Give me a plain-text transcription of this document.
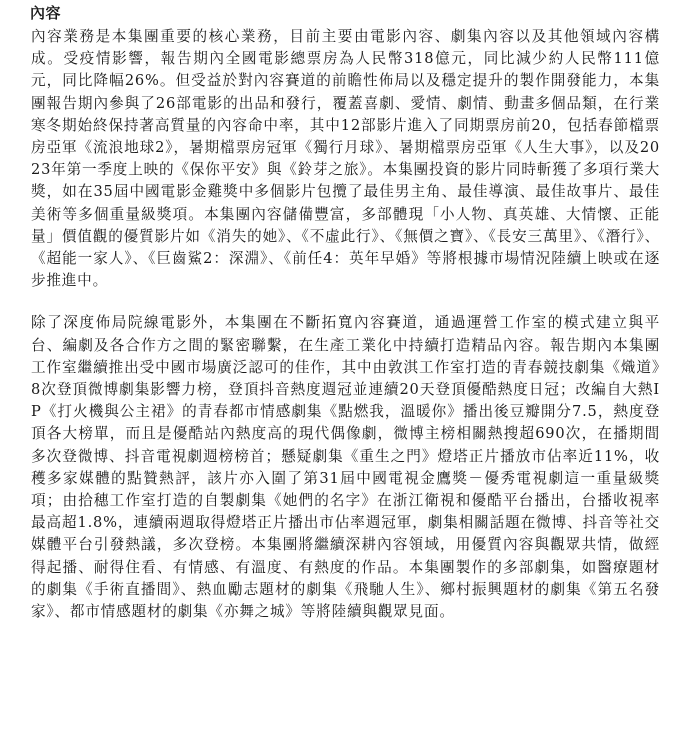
內容

內容業務是本集團重要的核心業務，目前主要由電影內容、劇集內容以及其他領域內容構成。受疫情影響，報告期內全國電影總票房為人民幣318億元，同比減少約人民幣111億元，同比降幅26%。但受益於對內容賽道的前瞻性佈局以及穩定提升的製作開發能力，本集團報告期內參與了26部電影的出品和發行，覆蓋喜劇、愛情、劇情、動畫多個品類，在行業寒冬期始終保持著高質量的內容命中率，其中12部影片進入了同期票房前20，包括春節檔票房亞軍《流浪地球2》，暑期檔票房冠軍《獨行月球》、暑期檔票房亞軍《人生大事》，以及2023年第一季度上映的《保你平安》與《鈴芽之旅》。本集團投資的影片同時斬獲了多項行業大獎，如在35屆中國電影金雞獎中多個影片包攬了最佳男主角、最佳導演、最佳故事片、最佳美術等多個重量級獎項。本集團內容儲備豐富，多部體現「小人物、真英雄、大情懷、正能量」價值觀的優質影片如《消失的她》、《不虛此行》、《無價之寶》、《長安三萬里》、《潛行》、《超能一家人》、《巨齒鯊2：深淵》、《前任4：英年早婚》等將根據市場情況陸續上映或在逐步推進中。

除了深度佈局院線電影外，本集團在不斷拓寬內容賽道，通過運營工作室的模式建立與平台、編劇及各合作方之間的緊密聯繫，在生產工業化中持續打造精品內容。報告期內本集團工作室繼續推出受中國市場廣泛認可的佳作，其中由敦淇工作室打造的青春競技劇集《熾道》8次登頂微博劇集影響力榜，登頂抖音熱度週冠並連續20天登頂優酷熱度日冠；改編自大熱IP《打火機與公主裙》的青春都市情感劇集《點燃我，溫暖你》播出後豆瓣開分7.5，熱度登頂各大榜單，而且是優酷站內熱度高的現代偶像劇，微博主榜相關熱搜超690次，在播期間多次登微博、抖音電視劇週榜榜首；懸疑劇集《重生之門》燈塔正片播放市佔率近11%，收穫多家媒體的點贊熱評，該片亦入圍了第31屆中國電視金鷹獎－優秀電視劇這一重量級獎項；由拾穗工作室打造的自製劇集《她們的名字》在浙江衛視和優酷平台播出，台播收視率最高超1.8%，連續兩週取得燈塔正片播出市佔率週冠軍，劇集相關話題在微博、抖音等社交媒體平台引發熱議，多次登榜。本集團將繼續深耕內容領域，用優質內容與觀眾共情，做經得起播、耐得住看、有情感、有溫度、有熱度的作品。本集團製作的多部劇集，如醫療題材的劇集《手術直播間》、熱血勵志題材的劇集《飛馳人生》、鄉村振興題材的劇集《第五名發家》、都市情感題材的劇集《亦舞之城》等將陸續與觀眾見面。
